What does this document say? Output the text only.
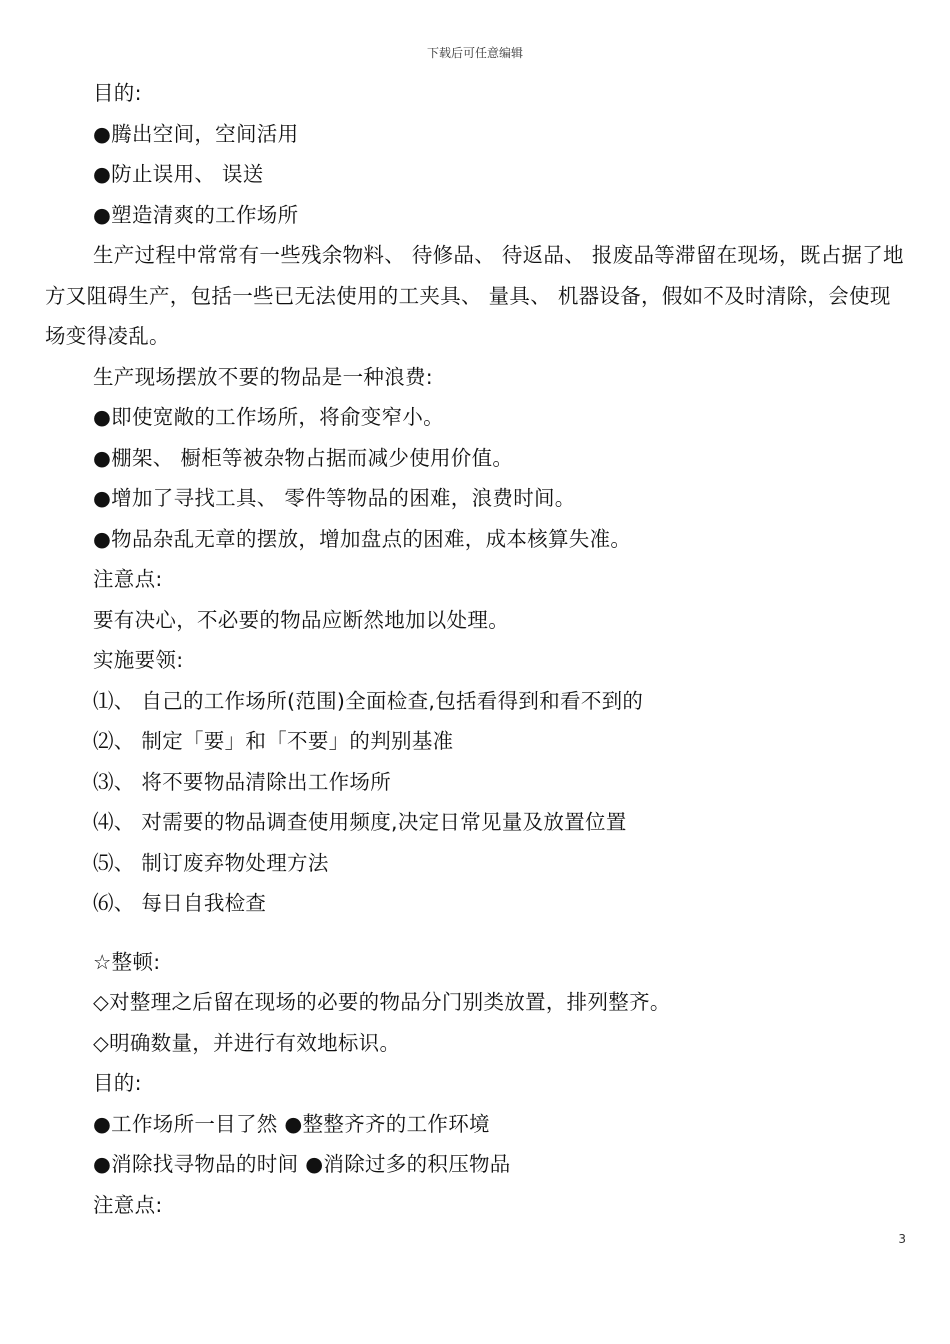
下载后可任意编辑
目的:
●腾出空间，空间活用
●防止误用、 误送
●塑造清爽的工作场所
生产过程中常常有一些残余物料、 待修品、 待返品、 报废品等滞留在现场，既占据了地方又阻碍生产，包括一些已无法使用的工夹具、 量具、 机器设备，假如不及时清除，会使现场变得凌乱。
生产现场摆放不要的物品是一种浪费:
●即使宽敞的工作场所，将俞变窄小。
●棚架、 橱柜等被杂物占据而减少使用价值。
●增加了寻找工具、 零件等物品的困难，浪费时间。
●物品杂乱无章的摆放，增加盘点的困难，成本核算失准。
注意点:
要有决心，不必要的物品应断然地加以处理。
实施要领:
⑴、 自己的工作场所(范围)全面检查,包括看得到和看不到的
⑵、 制定「要」和「不要」的判别基准
⑶、 将不要物品清除出工作场所
⑷、 对需要的物品调查使用频度,决定日常见量及放置位置
⑸、 制订废弃物处理方法
⑹、 每日自我检查
☆整顿:
◇对整理之后留在现场的必要的物品分门别类放置，排列整齐。
◇明确数量，并进行有效地标识。
目的:
●工作场所一目了然 ●整整齐齐的工作环境
●消除找寻物品的时间 ●消除过多的积压物品
注意点:
3
